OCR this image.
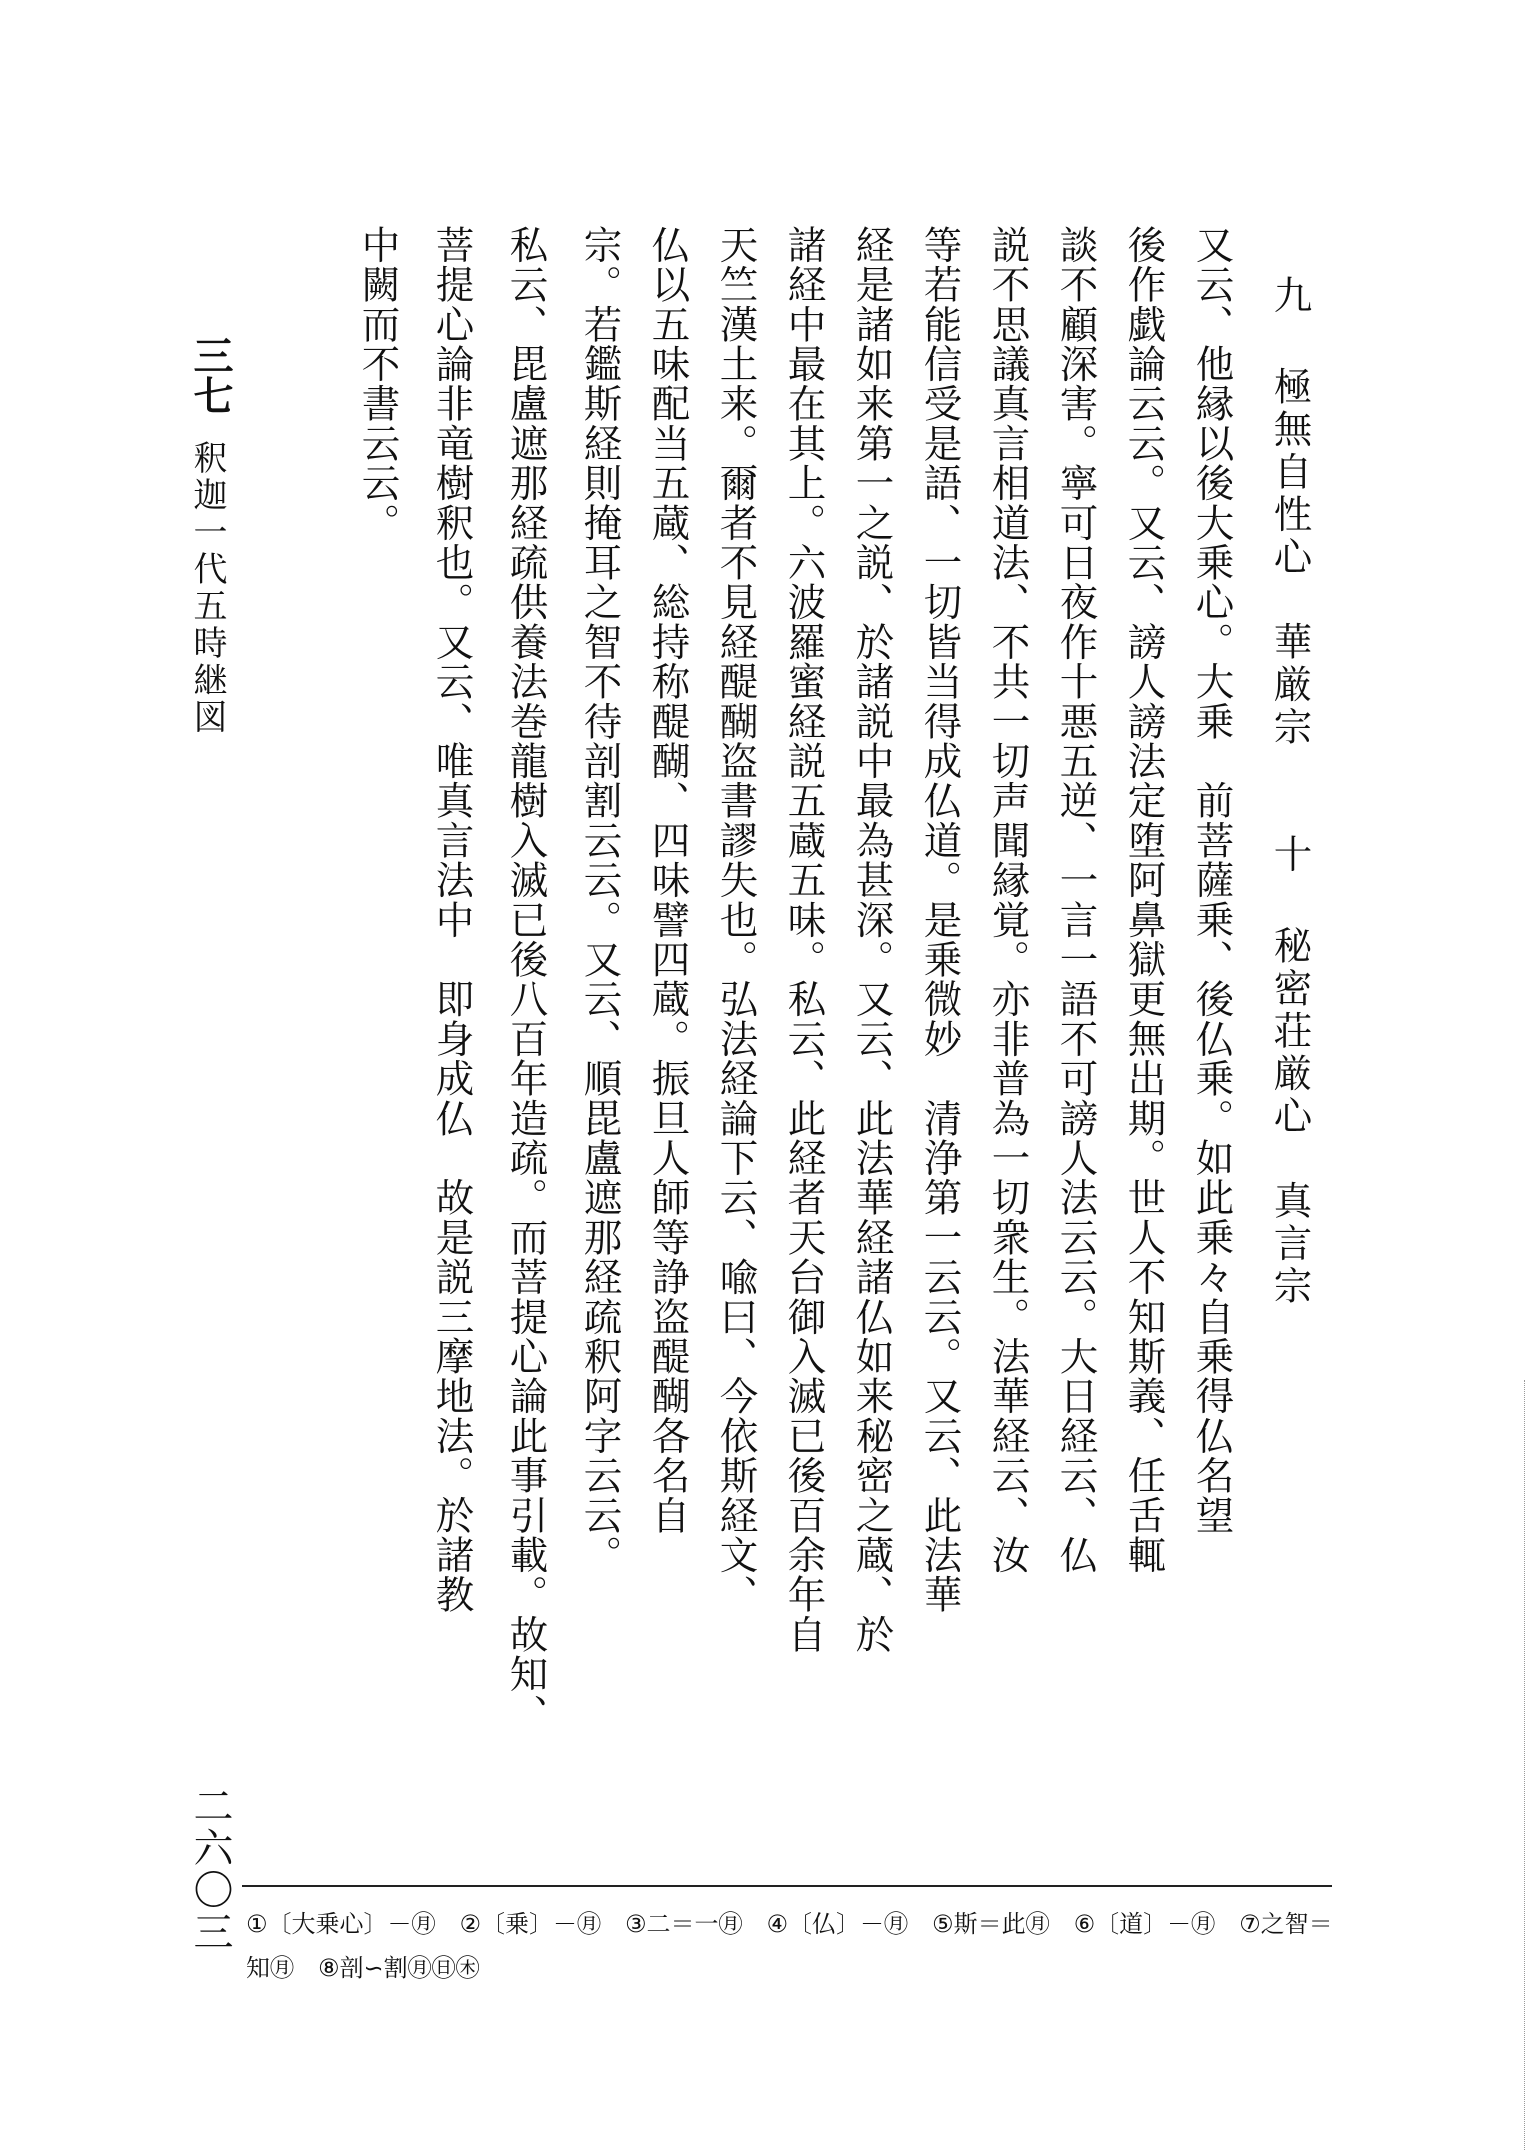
三七
釈迦一代五時継図
二六〇三
九 極無自性心　華厳宗　　十 秘密荘厳心　真言宗
又云、他縁以後大乗心。大乗　前菩薩乗、後仏乗。如此乗々自乗得仏名望
後作戯論云云。又云、謗人謗法定堕阿鼻獄更無出期。世人不知斯義、任舌輒
談不顧深害。寧可日夜作十悪五逆、一言一語不可謗人法云云。大日経云、仏
説不思議真言相道法、不共一切声聞縁覚。亦非普為一切衆生。法華経云、汝
等若能信受是語、一切皆当得成仏道。是乗微妙　清浄第一云云。又云、此法華
経是諸如来第一之説、於諸説中最為甚深。又云、此法華経諸仏如来秘密之蔵、於
諸経中最在其上。六波羅蜜経説五蔵五味。私云、此経者天台御入滅已後百余年自
天竺漢土来。爾者不見経醍醐盗書謬失也。弘法経論下云、喩曰、今依斯経文、
仏以五味配当五蔵、総持称醍醐、四味譬四蔵。振旦人師等諍盗醍醐各名自
宗。若鑑斯経則掩耳之智不待剖割云云。又云、順毘盧遮那経疏釈阿字云云。
私云、毘盧遮那経疏供養法巻龍樹入滅已後八百年造疏。而菩提心論此事引載。故知、
菩提心論非竜樹釈也。又云、唯真言法中　即身成仏　故是説三摩地法。於諸教
中闕而不書云云。

①〔大乗心〕－㊊　②〔乗〕－㊊　③二＝一㊊　④〔仏〕－㊊　⑤斯＝此㊊　⑥〔道〕－㊊　⑦之智＝

知㊊　⑧剖∽割㊊㊐㊍
